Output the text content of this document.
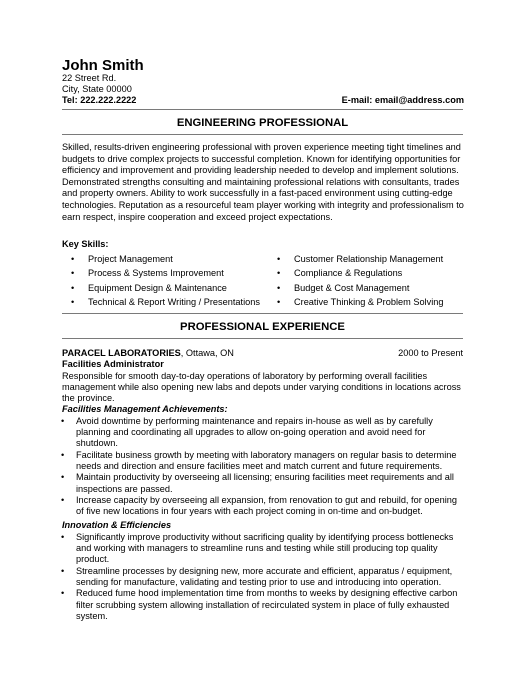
John Smith
22 Street Rd.
City, State 00000
Tel: 222.222.2222	E-mail: email@address.com
ENGINEERING PROFESSIONAL
Skilled, results-driven engineering professional with proven experience meeting tight timelines and budgets to drive complex projects to successful completion. Known for identifying opportunities for efficiency and improvement and providing leadership needed to develop and implement solutions. Demonstrated strengths consulting and maintaining professional relations with consultants, trades and property owners. Ability to work successfully in a fast-paced environment using cutting-edge technologies. Reputation as a resourceful team player working with integrity and professionalism to earn respect, inspire cooperation and exceed project expectations.
Key Skills:
• Project Management
• Process & Systems Improvement
• Equipment Design & Maintenance
• Technical & Report Writing / Presentations
• Customer Relationship Management
• Compliance & Regulations
• Budget & Cost Management
• Creative Thinking & Problem Solving
PROFESSIONAL EXPERIENCE
PARACEL LABORATORIES, Ottawa, ON	2000 to Present
Facilities Administrator
Responsible for smooth day-to-day operations of laboratory by performing overall facilities management while also opening new labs and depots under varying conditions in locations across the province.
Facilities Management Achievements:
• Avoid downtime by performing maintenance and repairs in-house as well as by carefully planning and coordinating all upgrades to allow on-going operation and avoid need for shutdown.
• Facilitate business growth by meeting with laboratory managers on regular basis to determine needs and direction and ensure facilities meet and match current and future requirements.
• Maintain productivity by overseeing all licensing; ensuring facilities meet requirements and all inspections are passed.
• Increase capacity by overseeing all expansion, from renovation to gut and rebuild, for opening of five new locations in four years with each project coming in on-time and on-budget.
Innovation & Efficiencies
• Significantly improve productivity without sacrificing quality by identifying process bottlenecks and working with managers to streamline runs and testing while still producing top quality product.
• Streamline processes by designing new, more accurate and efficient, apparatus / equipment, sending for manufacture, validating and testing prior to use and introducing into operation.
• Reduced fume hood implementation time from months to weeks by designing effective carbon filter scrubbing system allowing installation of recirculated system in place of fully exhausted system.
